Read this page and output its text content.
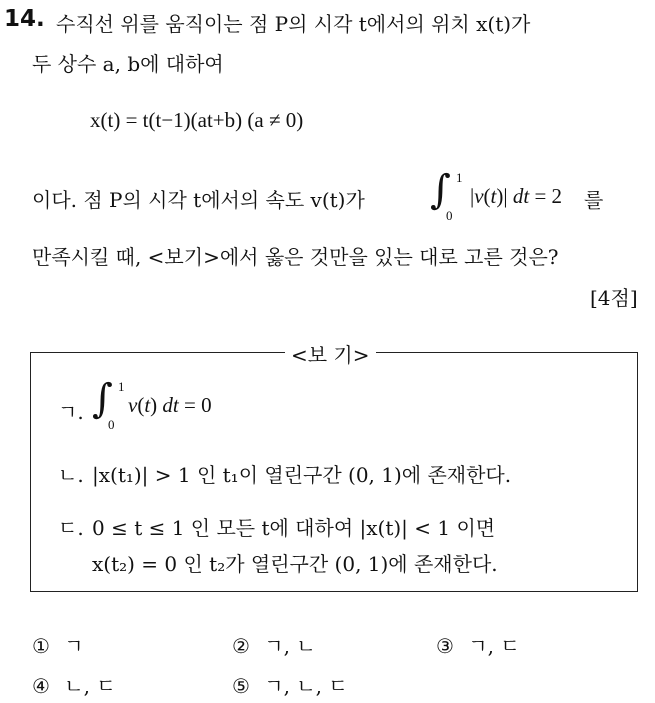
14. 수직선 위를 움직이는 점 P의 시각 t에서의 위치 x(t)가
두 상수 a, b에 대하여
x(t) = t(t−1)(at+b) (a ≠ 0)
이다. 점 P의 시각 t에서의 속도 v(t)가 ∫ 1
0
|v(t)| dt = 2 를
만족시킬 때, <보기>에서 옳은 것만을 있는 대로 고른 것은?
[4점]
<보 기>
ㄱ. ∫ 1
0
v(t) dt = 0
ㄴ. |x(t₁)| > 1 인 t₁이 열린구간 (0, 1)에 존재한다.
ㄷ. 0 ≤ t ≤ 1 인 모든 t에 대하여 |x(t)| < 1 이면
x(t₂) = 0 인 t₂가 열린구간 (0, 1)에 존재한다.
① ㄱ	② ㄱ, ㄴ	③ ㄱ, ㄷ
④ ㄴ, ㄷ	⑤ ㄱ, ㄴ, ㄷ
